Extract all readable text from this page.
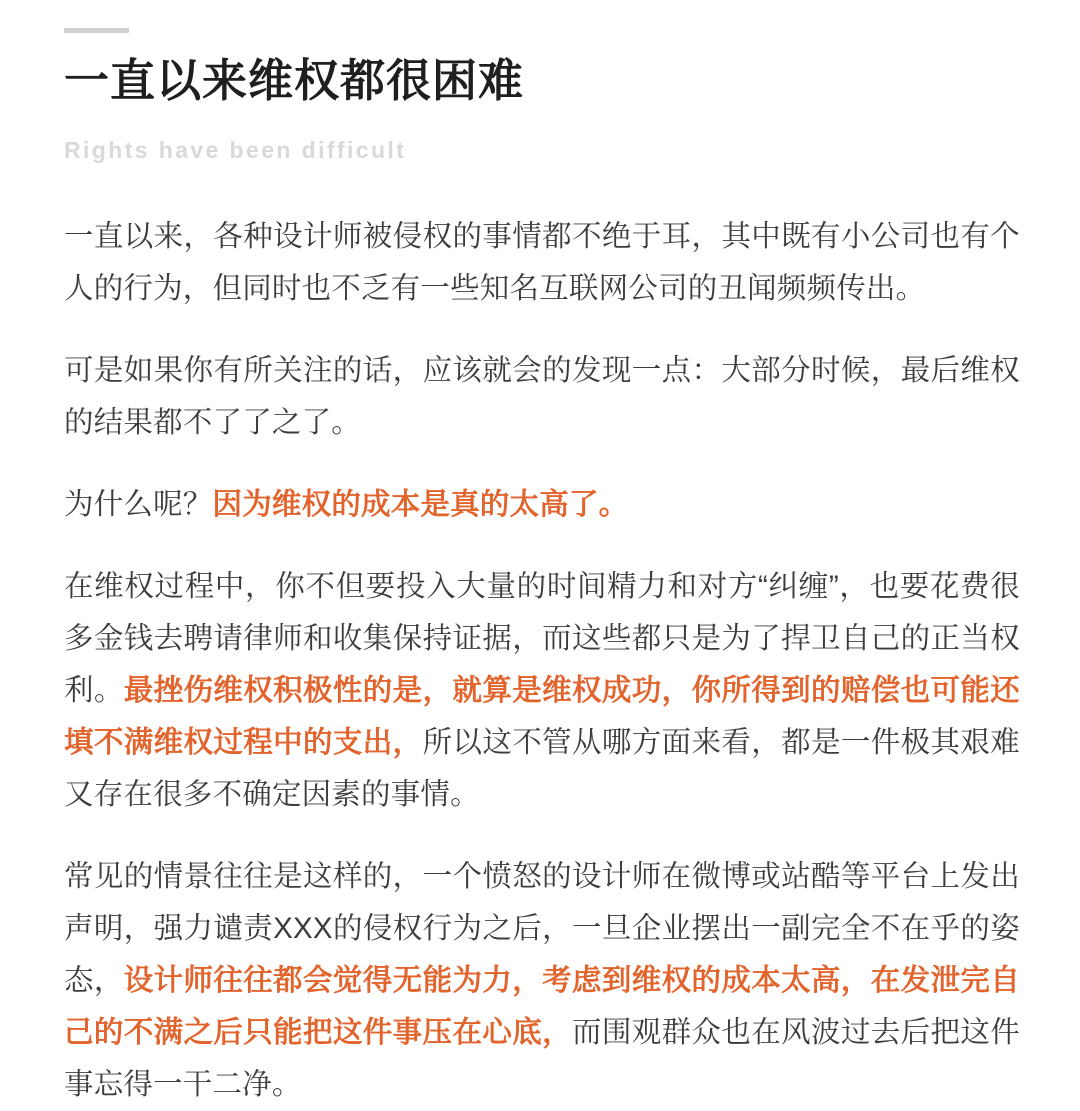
一直以来维权都很困难
Rights have been difficult

一直以来，各种设计师被侵权的事情都不绝于耳，其中既有小公司也有个人的行为，但同时也不乏有一些知名互联网公司的丑闻频频传出。

可是如果你有所关注的话，应该就会的发现一点：大部分时候，最后维权的结果都不了了之了。

为什么呢？因为维权的成本是真的太高了。

在维权过程中，你不但要投入大量的时间精力和对方“纠缠”，也要花费很多金钱去聘请律师和收集保持证据，而这些都只是为了捍卫自己的正当权利。最挫伤维权积极性的是，就算是维权成功，你所得到的赔偿也可能还填不满维权过程中的支出，所以这不管从哪方面来看，都是一件极其艰难又存在很多不确定因素的事情。

常见的情景往往是这样的，一个愤怒的设计师在微博或站酷等平台上发出声明，强力谴责XXX的侵权行为之后，一旦企业摆出一副完全不在乎的姿态，设计师往往都会觉得无能为力，考虑到维权的成本太高，在发泄完自己的不满之后只能把这件事压在心底，而围观群众也在风波过去后把这件事忘得一干二净。
